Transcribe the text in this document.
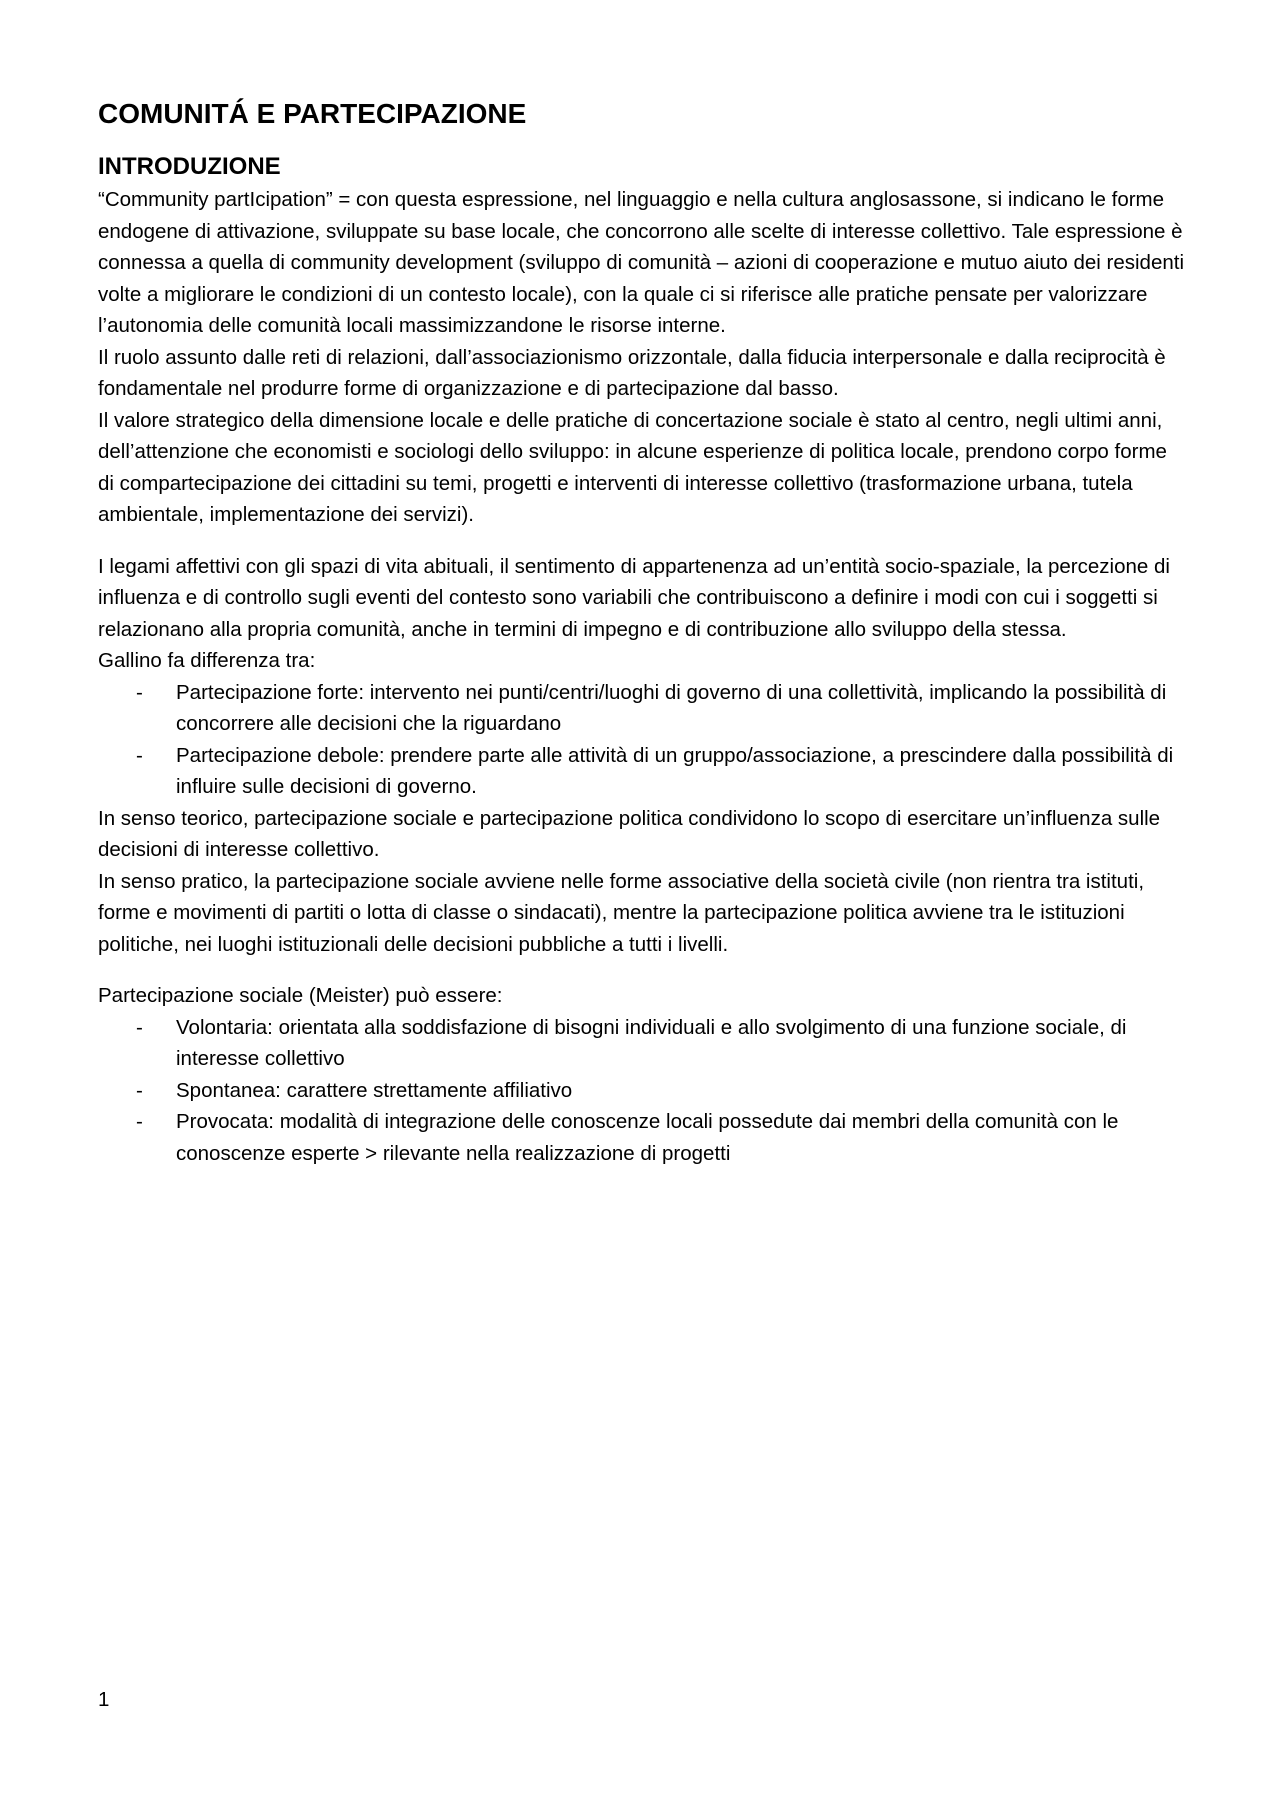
COMUNITÁ E PARTECIPAZIONE
INTRODUZIONE

“Community partIcipation” = con questa espressione, nel linguaggio e nella cultura anglosassone, si indicano le forme endogene di attivazione, sviluppate su base locale, che concorrono alle scelte di interesse collettivo. Tale espressione è connessa a quella di community development (sviluppo di comunità – azioni di cooperazione e mutuo aiuto dei residenti volte a migliorare le condizioni di un contesto locale), con la quale ci si riferisce alle pratiche pensate per valorizzare l’autonomia delle comunità locali massimizzandone le risorse interne.

Il ruolo assunto dalle reti di relazioni, dall’associazionismo orizzontale, dalla fiducia interpersonale e dalla reciprocità è fondamentale nel produrre forme di organizzazione e di partecipazione dal basso.

Il valore strategico della dimensione locale e delle pratiche di concertazione sociale è stato al centro, negli ultimi anni, dell’attenzione che economisti e sociologi dello sviluppo: in alcune esperienze di politica locale, prendono corpo forme di compartecipazione dei cittadini su temi, progetti e interventi di interesse collettivo (trasformazione urbana, tutela ambientale, implementazione dei servizi).

I legami affettivi con gli spazi di vita abituali, il sentimento di appartenenza ad un’entità socio-spaziale, la percezione di influenza e di controllo sugli eventi del contesto sono variabili che contribuiscono a definire i modi con cui i soggetti si relazionano alla propria comunità, anche in termini di impegno e di contribuzione allo sviluppo della stessa.

Gallino fa differenza tra:

- Partecipazione forte: intervento nei punti/centri/luoghi di governo di una collettività, implicando la possibilità di concorrere alle decisioni che la riguardano
- Partecipazione debole: prendere parte alle attività di un gruppo/associazione, a prescindere dalla possibilità di influire sulle decisioni di governo.

In senso teorico, partecipazione sociale e partecipazione politica condividono lo scopo di esercitare un’influenza sulle decisioni di interesse collettivo.

In senso pratico, la partecipazione sociale avviene nelle forme associative della società civile (non rientra tra istituti, forme e movimenti di partiti o lotta di classe o sindacati), mentre la partecipazione politica avviene tra le istituzioni politiche, nei luoghi istituzionali delle decisioni pubbliche a tutti i livelli.

Partecipazione sociale (Meister) può essere:

- Volontaria: orientata alla soddisfazione di bisogni individuali e allo svolgimento di una funzione sociale, di interesse collettivo
- Spontanea: carattere strettamente affiliativo
- Provocata: modalità di integrazione delle conoscenze locali possedute dai membri della comunità con le conoscenze esperte > rilevante nella realizzazione di progetti
1
